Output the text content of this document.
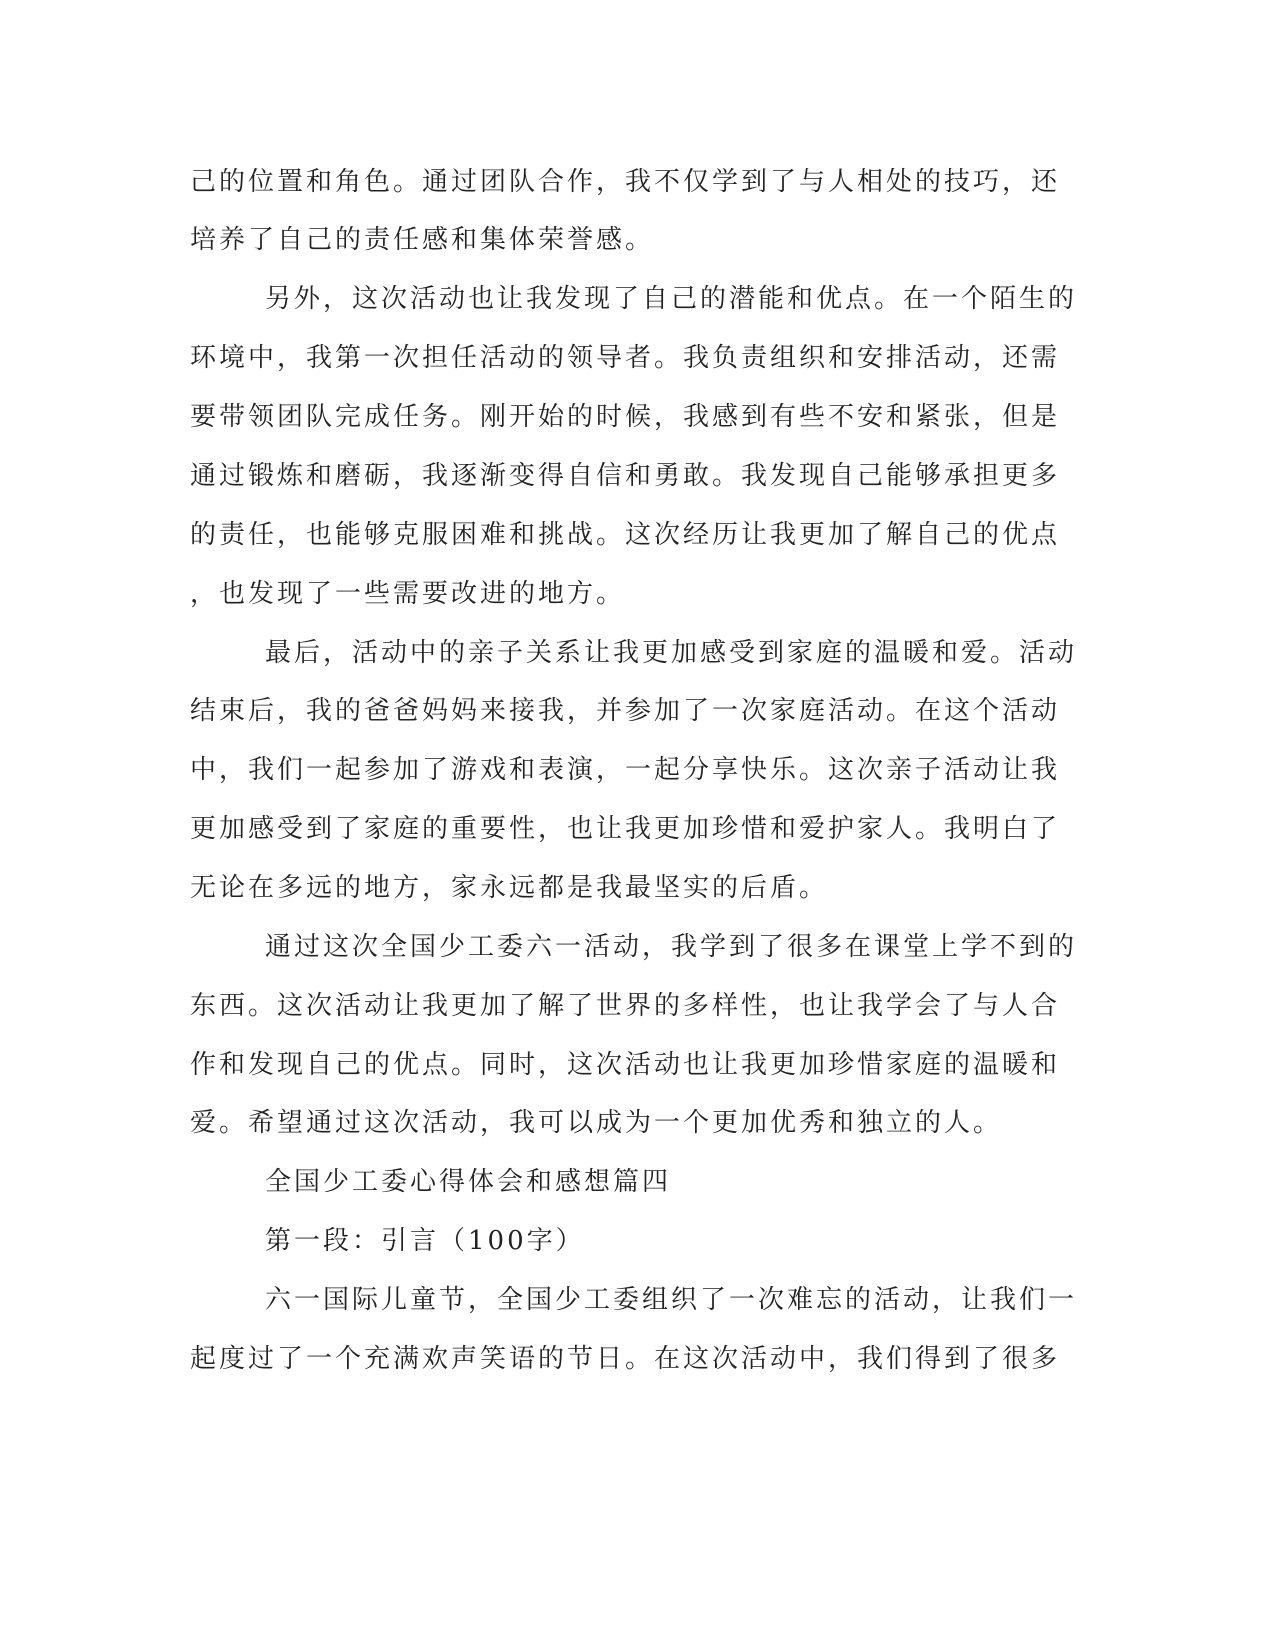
己的位置和角色。通过团队合作，我不仅学到了与人相处的技巧，还

培养了自己的责任感和集体荣誉感。

另外，这次活动也让我发现了自己的潜能和优点。在一个陌生的

环境中，我第一次担任活动的领导者。我负责组织和安排活动，还需

要带领团队完成任务。刚开始的时候，我感到有些不安和紧张，但是

通过锻炼和磨砺，我逐渐变得自信和勇敢。我发现自己能够承担更多

的责任，也能够克服困难和挑战。这次经历让我更加了解自己的优点

，也发现了一些需要改进的地方。

最后，活动中的亲子关系让我更加感受到家庭的温暖和爱。活动

结束后，我的爸爸妈妈来接我，并参加了一次家庭活动。在这个活动

中，我们一起参加了游戏和表演，一起分享快乐。这次亲子活动让我

更加感受到了家庭的重要性，也让我更加珍惜和爱护家人。我明白了

无论在多远的地方，家永远都是我最坚实的后盾。

通过这次全国少工委六一活动，我学到了很多在课堂上学不到的

东西。这次活动让我更加了解了世界的多样性，也让我学会了与人合

作和发现自己的优点。同时，这次活动也让我更加珍惜家庭的温暖和

爱。希望通过这次活动，我可以成为一个更加优秀和独立的人。

全国少工委心得体会和感想篇四

第一段：引言（100字）

六一国际儿童节，全国少工委组织了一次难忘的活动，让我们一

起度过了一个充满欢声笑语的节日。在这次活动中，我们得到了很多
